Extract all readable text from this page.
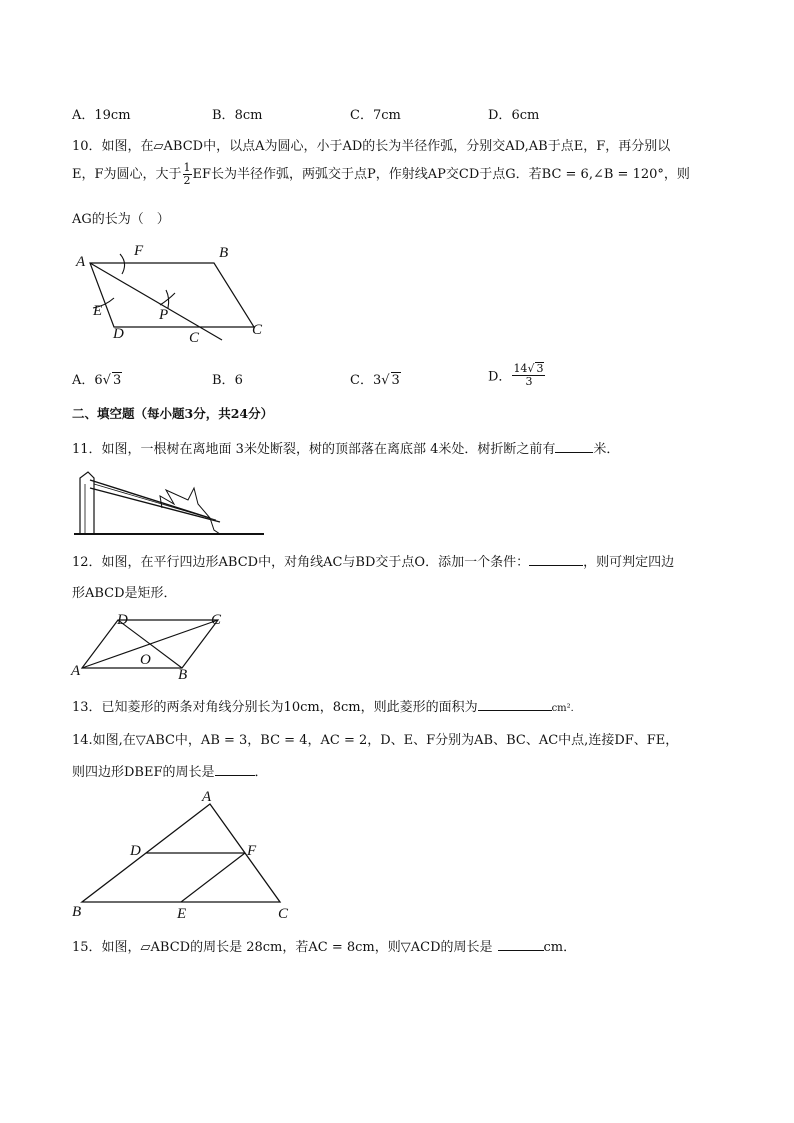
A．19cm	B．8cm	C．7cm	D．6cm
10．如图，在▱ABCD中，以点A为圆心，小于AD的长为半径作弧，分别交AD,AB于点E，F，再分别以
E，F为圆心，大于 $\frac{1}{2}$ EF长为半径作弧，两弧交于点P，作射线AP交CD于点G．若BC = 6,∠B = 120°，则
AG的长为（　）
A
F	B
E	P
D	C	C
A．6√ 3	B．6	C．3√ 3	D． $\frac{14√ 3}{3}$
二、填空题（每小题3分，共24分）
11．如图，一根树在离地面 3米处断裂，树的顶部落在离底部 4米处．树折断之前有	米．
12．如图，在平行四边形ABCD中，对角线AC与BD交于点O．添加一个条件：	，则可判定四边
形ABCD是矩形．
A	B
C
D
O
13．已知菱形的两条对角线分别长为10cm，8cm，则此菱形的面积为	cm²．
14.如图,在▽ABC中，AB = 3，BC = 4，AC = 2，D、E、F分别为AB、BC、AC中点,连接DF、FE，
则四边形DBEF的周长是	．
A
D	F
B	E	C
15．如图，▱ABCD的周长是 28cm，若AC = 8cm，则▽ACD的周长是	cm．
